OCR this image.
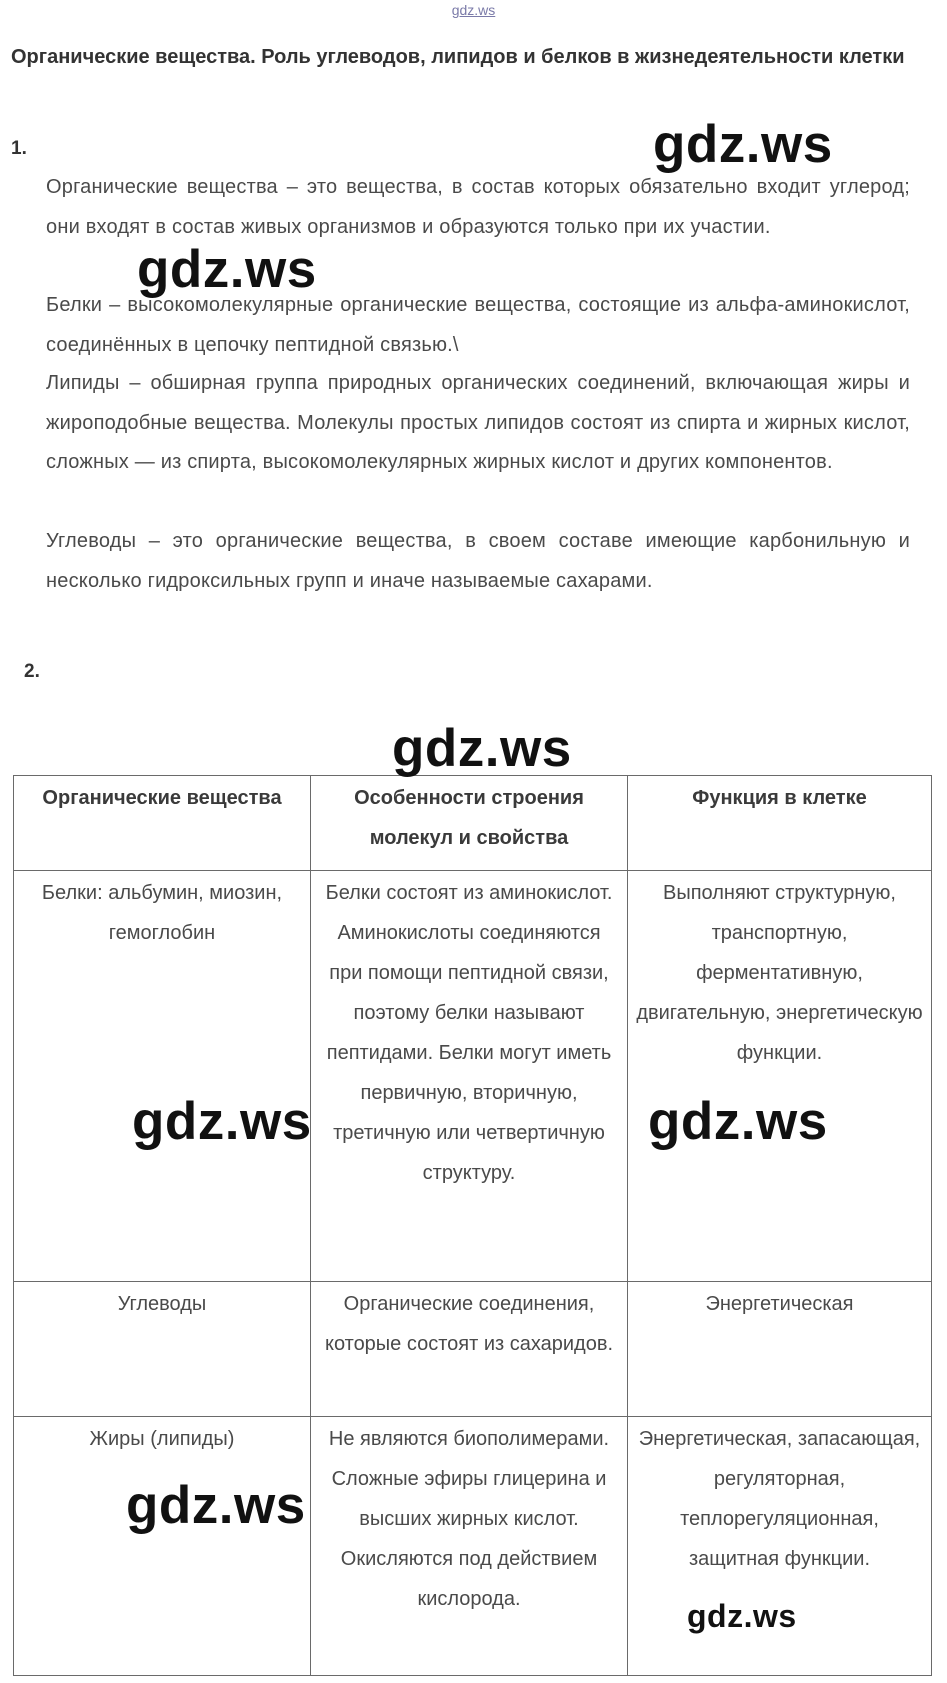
gdz.ws
Органические вещества. Роль углеводов, липидов и белков в жизнедеятельности клетки
1.

Органические вещества – это вещества, в состав которых обязательно входит углерод; они входят в состав живых организмов и образуются только при их участии.

Белки – высокомолекулярные органические вещества, состоящие из альфа-аминокислот, соединённых в цепочку пептидной связью.\

Липиды – обширная группа природных органических соединений, включающая жиры и жироподобные вещества. Молекулы простых липидов состоят из спирта и жирных кислот, сложных — из спирта, высокомолекулярных жирных кислот и других компонентов.

Углеводы – это органические вещества, в своем составе имеющие карбонильную и несколько гидроксильных групп и иначе называемые сахарами.

2.
Органические вещества	Особенности строения молекул и свойства	Функция в клетке
Белки: альбумин, миозин, гемоглобин	Белки состоят из аминокислот. Аминокислоты соединяются при помощи пептидной связи, поэтому белки называют пептидами. Белки могут иметь первичную, вторичную, третичную или четвертичную структуру.	Выполняют структурную, транспортную, ферментативную, двигательную, энергетическую функции.
Углеводы	Органические соединения, которые состоят из сахаридов.	Энергетическая
Жиры (липиды)	Не являются биополимерами. Сложные эфиры глицерина и высших жирных кислот. Окисляются под действием кислорода.	Энергетическая, запасающая, регуляторная, теплорегуляционная, защитная функции.
gdz.ws
gdz.ws
gdz.ws
gdz.ws	gdz.ws
gdz.ws
gdz.ws
